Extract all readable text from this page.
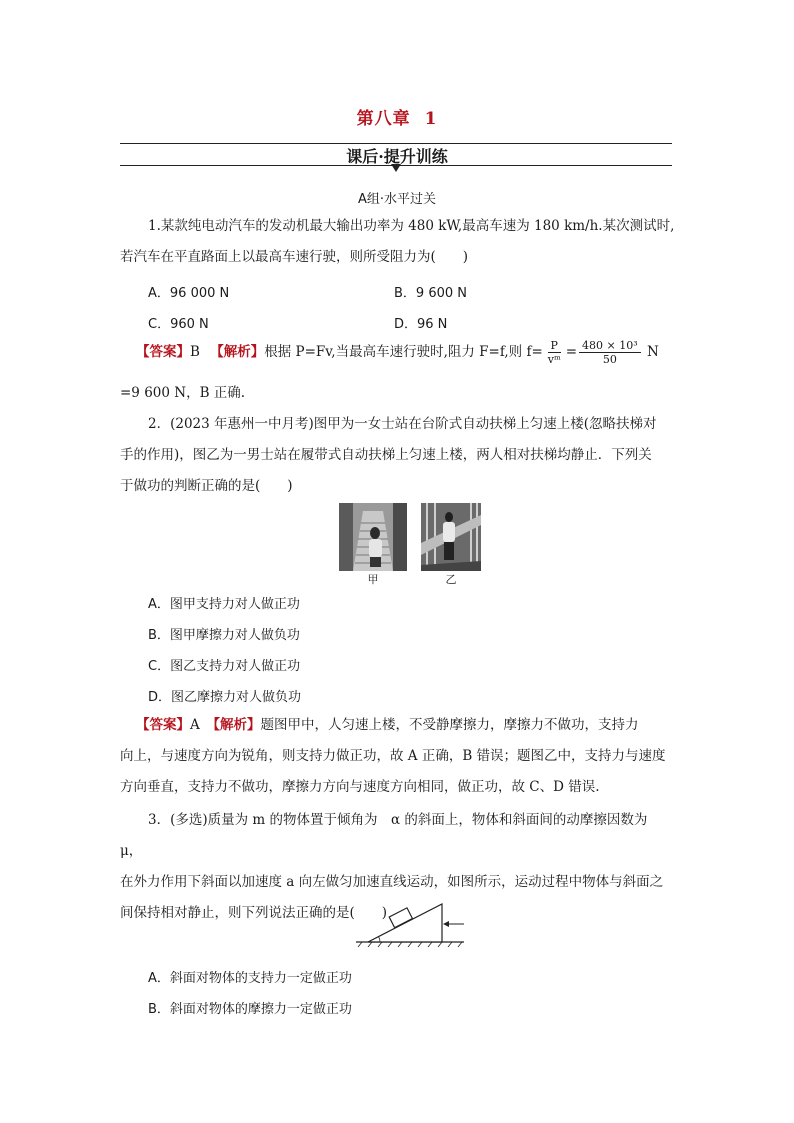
第八章 1
课后·提升训练
A组·水平过关
1.某款纯电动汽车的发动机最大输出功率为 480 kW,最高车速为 180 km/h.某次测试时,
若汽车在平直路面上以最高车速行驶，则所受阻力为(　　)
A．96 000 N	B．9 600 N
C．960 N	D．96 N
【答案】B 【解析】根据 P=Fv,当最高车速行驶时,阻力 F=f,则 $f= \frac{P}{\text{vᵐ}} = \frac{\text{480 × 10³}}{50}$ N
=9 600 N，B 正确.
2．(2023 年惠州一中月考)图甲为一女士站在台阶式自动扶梯上匀速上楼(忽略扶梯对
手的作用)，图乙为一男士站在履带式自动扶梯上匀速上楼，两人相对扶梯均静止．下列关
于做功的判断正确的是(　　)
甲	乙
A．图甲支持力对人做正功
B．图甲摩擦力对人做负功
C．图乙支持力对人做正功
D．图乙摩擦力对人做负功
【答案】A　 【解析】题图甲中，人匀速上楼，不受静摩擦力，摩擦力不做功，支持力
向上，与速度方向为锐角，则支持力做正功，故 A 正确，B 错误；题图乙中，支持力与速度
方向垂直，支持力不做功，摩擦力方向与速度方向相同，做正功，故 C、D 错误.
3．(多选)质量为 m 的物体置于倾角为　α 的斜面上，物体和斜面间的动摩擦因数为　μ，
在外力作用下斜面以加速度 a 向左做匀加速直线运动，如图所示，运动过程中物体与斜面之
间保持相对静止，则下列说法正确的是(　　)
A．斜面对物体的支持力一定做正功
B．斜面对物体的摩擦力一定做正功
